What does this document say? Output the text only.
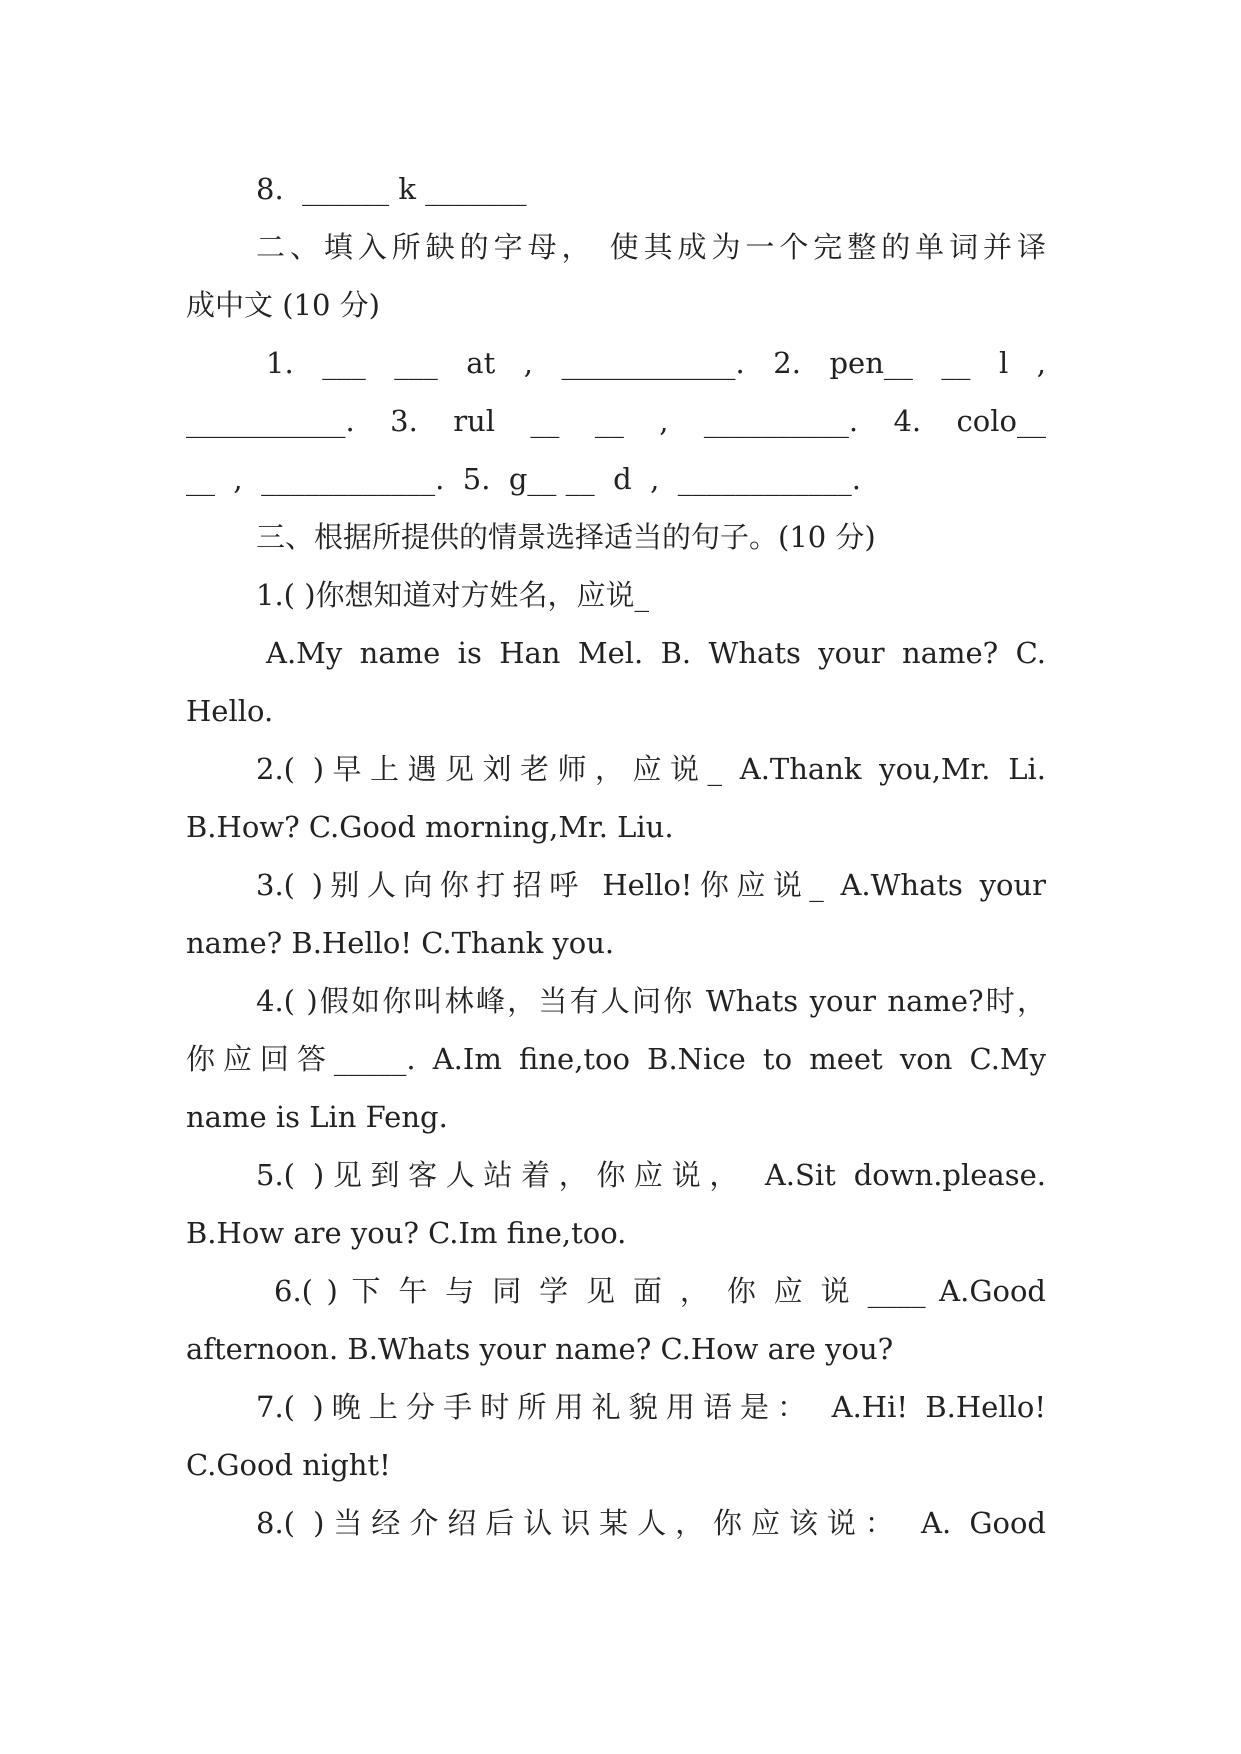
8.  ______ k _______
二、填入所缺的字母， 使其成为一个完整的单词并译
成中文 (10 分)
1. ___ ___ at , ____________. 2. pen__ __ l ,
___________. 3. rul __ __ , __________. 4. colo__
__  ,  ____________.  5.  g__ __  d  ,  ____________.
三、根据所提供的情景选择适当的句子。(10 分)
1.( )你想知道对方姓名，应说_
A.My name is Han Mel. B. Whats your name? C.
Hello.
2.( )早上遇见刘老师，应说_ A.Thank you,Mr. Li.
B.How? C.Good morning,Mr. Liu.
3.( )别人向你打招呼 Hello!你应说_ A.Whats your
name? B.Hello! C.Thank you.
4.( )假如你叫林峰，当有人问你 Whats your name?时，
你应回答_____. A.Im fine,too B.Nice to meet von C.My
name is Lin Feng.
5.( )见到客人站着，你应说， A.Sit down.please.
B.How are you? C.Im fine,too.
6.( ) 下 午 与 同 学 见 面 ， 你 应 说 ____ A.Good
afternoon. B.Whats your name? C.How are you?
7.( )晚上分手时所用礼貌用语是： A.Hi! B.Hello!
C.Good night!
8.( )当经介绍后认识某人，你应该说： A. Good
